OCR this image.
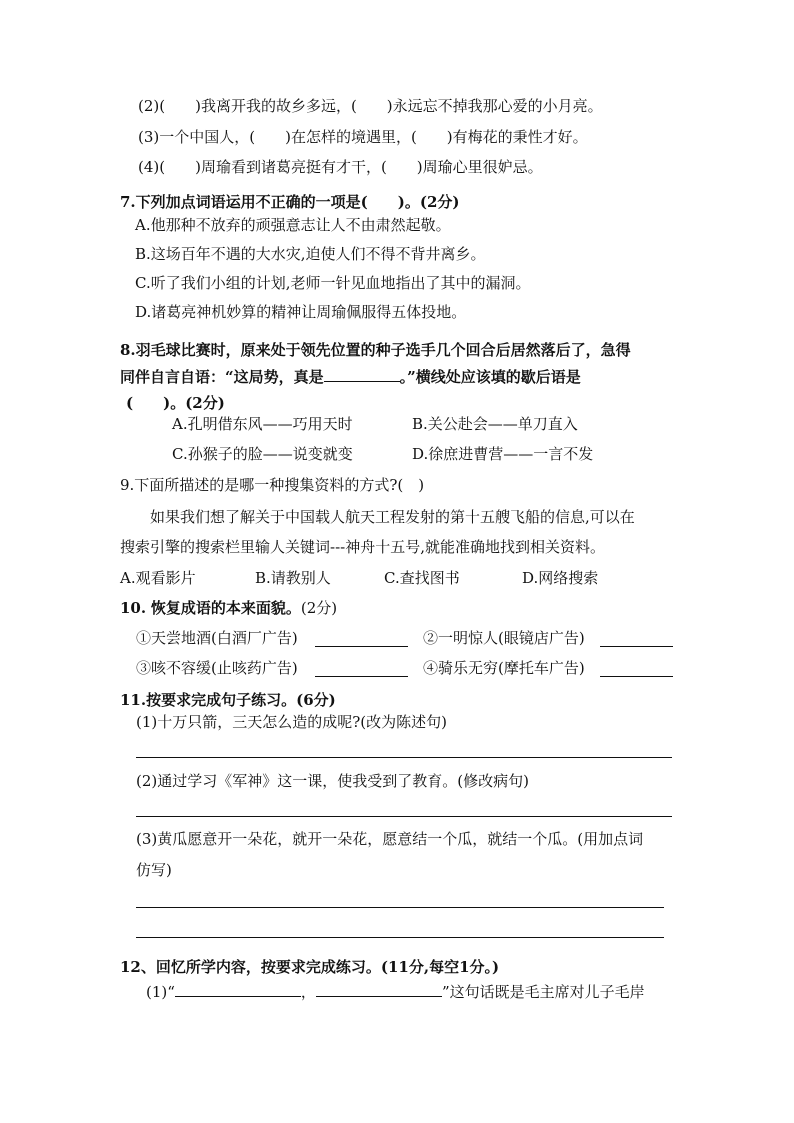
(2)(　　)我离开我的故乡多远，(　　)永远忘不掉我那心爱的小月亮。
(3)一个中国人，(　　)在怎样的境遇里，(　　)有梅花的秉性才好。
(4)(　　)周瑜看到诸葛亮挺有才干，(　　)周瑜心里很妒忌。
7.下列加点词语运用不正确的一项是(　　)。(2分)
A.他那种不放弃的顽强意志让人不由肃然起敬。
B.这场百年不遇的大水灾,迫使人们不得不背井离乡。
C.听了我们小组的计划,老师一针见血地指出了其中的漏洞。
D.诸葛亮神机妙算的精神让周瑜佩服得五体投地。
8.羽毛球比赛时，原来处于领先位置的种子选手几个回合后居然落后了，急得
同伴自言自语：“这局势，真是	。”横线处应该填的歇后语是
(　　)。(2分)
A.孔明借东风——巧用天时	B.关公赴会——单刀直入
C.孙猴子的脸——说变就变	D.徐庶进曹营——一言不发
9.下面所描述的是哪一种搜集资料的方式?(　)
如果我们想了解关于中国载人航天工程发射的第十五艘飞船的信息,可以在
搜索引擎的搜索栏里输人关键词---神舟十五号,就能准确地找到相关资料。
A.观看影片	B.请教别人	C.查找图书	D.网络搜索
10. 恢复成语的本来面貌。(2分)
①天尝地酒(白酒厂广告)	②一明惊人(眼镜店广告)
③咳不容缓(止咳药广告)	④骑乐无穷(摩托车广告)
11.按要求完成句子练习。(6分)
(1)十万只箭，三天怎么造的成呢?(改为陈述句)
(2)通过学习《军神》这一课，使我受到了教育。(修改病句)
(3)黄瓜愿意开一朵花，就开一朵花，愿意结一个瓜，就结一个瓜。(用加点词
仿写)
12、回忆所学内容，按要求完成练习。(11分,每空1分。)
(1)“	，	”这句话既是毛主席对儿子毛岸
